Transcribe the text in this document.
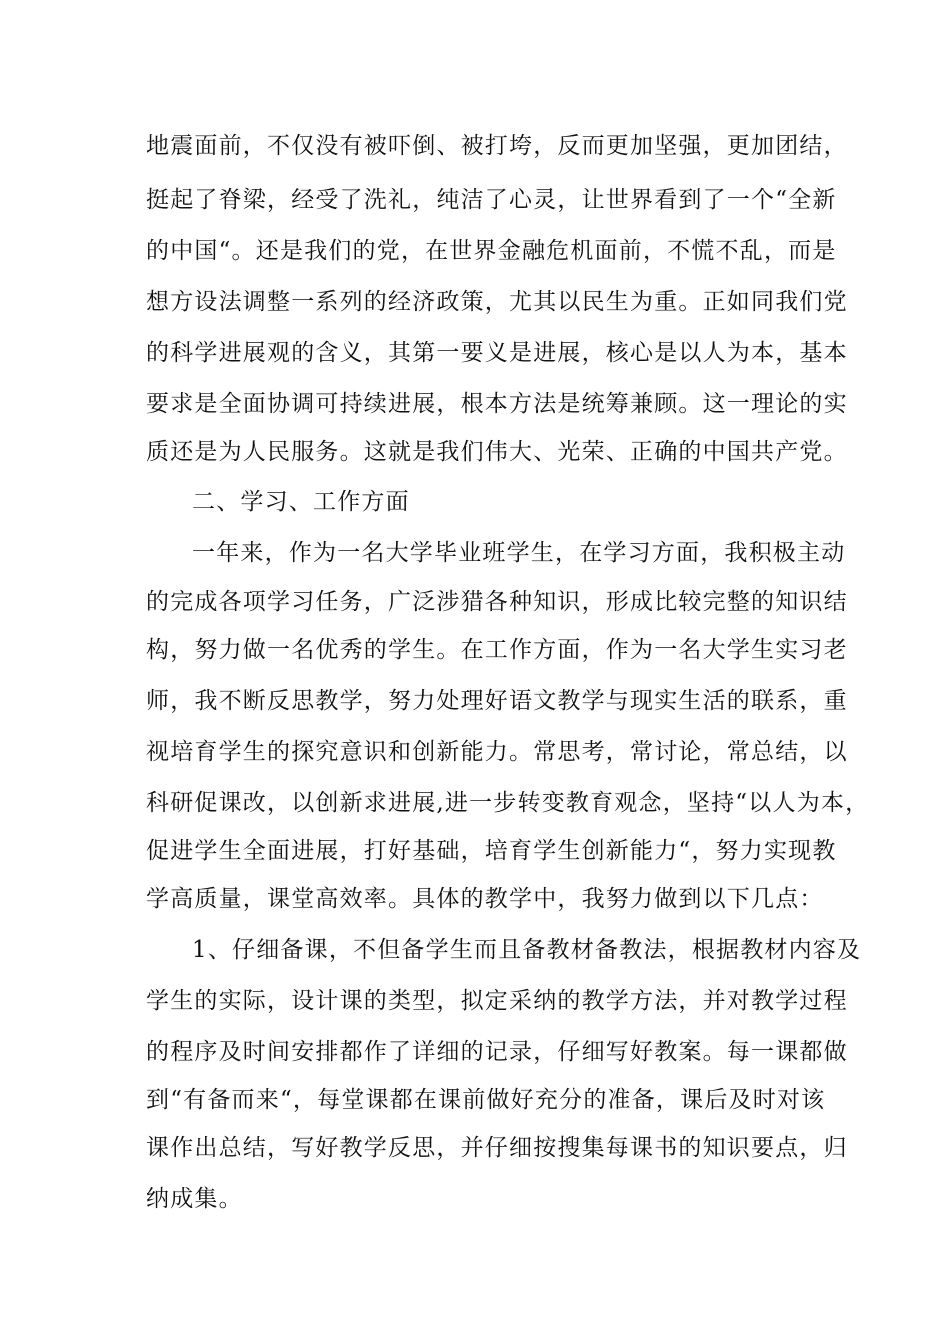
地震面前，不仅没有被吓倒、被打垮，反而更加坚强，更加团结，
挺起了脊梁，经受了洗礼，纯洁了心灵，让世界看到了一个“全新
的中国“。还是我们的党，在世界金融危机面前，不慌不乱，而是
想方设法调整一系列的经济政策，尤其以民生为重。正如同我们党
的科学进展观的含义，其第一要义是进展，核心是以人为本，基本
要求是全面协调可持续进展，根本方法是统筹兼顾。这一理论的实
质还是为人民服务。这就是我们伟大、光荣、正确的中国共产党。
二、学习、工作方面
一年来，作为一名大学毕业班学生，在学习方面，我积极主动
的完成各项学习任务，广泛涉猎各种知识，形成比较完整的知识结
构，努力做一名优秀的学生。在工作方面，作为一名大学生实习老
师，我不断反思教学，努力处理好语文教学与现实生活的联系，重
视培育学生的探究意识和创新能力。常思考，常讨论，常总结，以
科研促课改，以创新求进展,进一步转变教育观念，坚持“以人为本，
促进学生全面进展，打好基础，培育学生创新能力“，努力实现教
学高质量，课堂高效率。具体的教学中，我努力做到以下几点：
1、仔细备课，不但备学生而且备教材备教法，根据教材内容及
学生的实际，设计课的类型，拟定采纳的教学方法，并对教学过程
的程序及时间安排都作了详细的记录，仔细写好教案。每一课都做
到“有备而来“，每堂课都在课前做好充分的准备，课后及时对该
课作出总结，写好教学反思，并仔细按搜集每课书的知识要点，归
纳成集。
